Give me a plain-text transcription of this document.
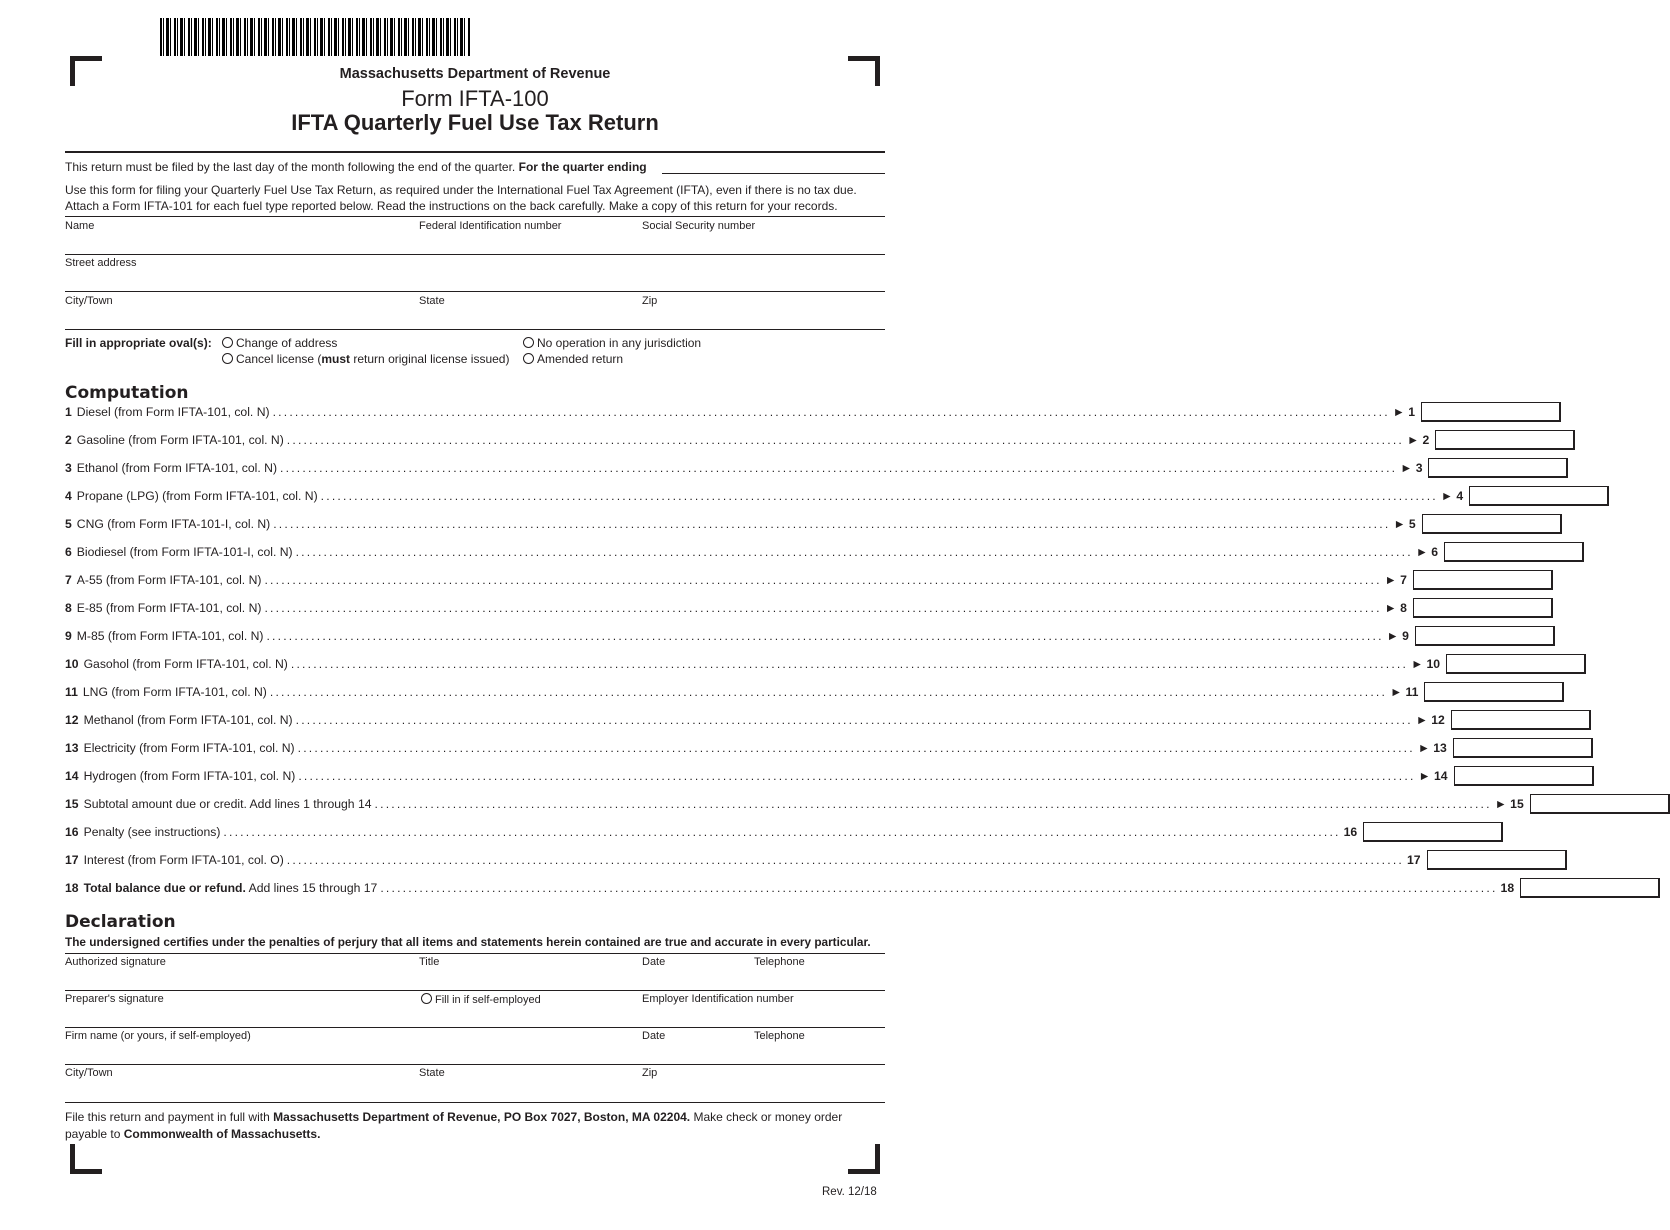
Massachusetts Department of Revenue
Form IFTA-100
IFTA Quarterly Fuel Use Tax Return
This return must be filed by the last day of the month following the end of the quarter. For the quarter ending
Use this form for filing your Quarterly Fuel Use Tax Return, as required under the International Fuel Tax Agreement (IFTA), even if there is no tax due.
Attach a Form IFTA-101 for each fuel type reported below. Read the instructions on the back carefully. Make a copy of this return for your records.
Name	Federal Identification number	Social Security number
Street address
City/Town	State	Zip
Fill in appropriate oval(s):	Change of address
Cancel license (must return original license issued)
No operation in any jurisdiction
Amended return
Computation
1 Diesel (from Form IFTA-101, col. N) ........................................................................................................................................................................................................ ► 1
2 Gasoline (from Form IFTA-101, col. N) ........................................................................................................................................................................................................ ► 2
3 Ethanol (from Form IFTA-101, col. N) ........................................................................................................................................................................................................ ► 3
4 Propane (LPG) (from Form IFTA-101, col. N) ........................................................................................................................................................................................................ ► 4
5 CNG (from Form IFTA-101-I, col. N) ........................................................................................................................................................................................................ ► 5
6 Biodiesel (from Form IFTA-101-I, col. N) ........................................................................................................................................................................................................ ► 6
7 A-55 (from Form IFTA-101, col. N) ........................................................................................................................................................................................................ ► 7
8 E-85 (from Form IFTA-101, col. N) ........................................................................................................................................................................................................ ► 8
9 M-85 (from Form IFTA-101, col. N) ........................................................................................................................................................................................................ ► 9
10 Gasohol (from Form IFTA-101, col. N) ........................................................................................................................................................................................................ ► 10
11 LNG (from Form IFTA-101, col. N) ........................................................................................................................................................................................................ ► 11
12 Methanol (from Form IFTA-101, col. N) ........................................................................................................................................................................................................ ► 12
13 Electricity (from Form IFTA-101, col. N) ........................................................................................................................................................................................................ ► 13
14 Hydrogen (from Form IFTA-101, col. N) ........................................................................................................................................................................................................ ► 14
15 Subtotal amount due or credit. Add lines 1 through 14 ........................................................................................................................................................................................................ ► 15
16 Penalty (see instructions) ........................................................................................................................................................................................................ 16
17 Interest (from Form IFTA-101, col. O) ........................................................................................................................................................................................................ 17
18 Total balance due or refund. Add lines 15 through 17 ........................................................................................................................................................................................................ 18
Declaration
The undersigned certifies under the penalties of perjury that all items and statements herein contained are true and accurate in every particular.
Authorized signature	Title	Date	Telephone
Preparer's signature	Fill in if self-employed	Employer Identification number
Firm name (or yours, if self-employed)	Date	Telephone
City/Town	State	Zip
File this return and payment in full with Massachusetts Department of Revenue, PO Box 7027, Boston, MA 02204. Make check or money order payable to Commonwealth of Massachusetts.
Rev. 12/18
